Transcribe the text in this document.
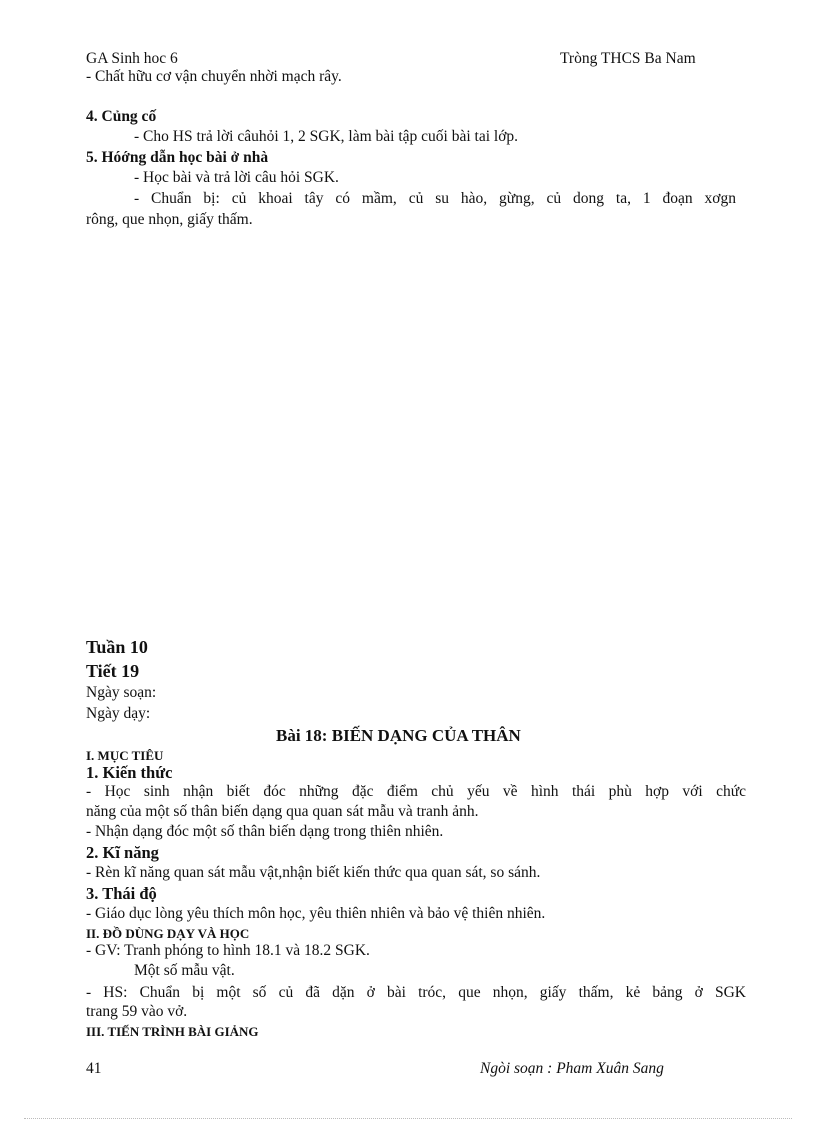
GA Sinh hoc 6	Tròng THCS Ba Nam
- Chất hữu cơ vận chuyển nhời mạch rây.
4. Củng cố
- Cho HS trả lời câuhỏi 1, 2 SGK, làm bài tập cuối bài tai lớp.
5. Hóớng dẫn học bài ở nhà
- Học bài và trả lời câu hỏi SGK.
- Chuẩn bị: củ khoai tây có mầm, củ su hào, gừng, củ dong ta, 1 đoạn xơgn
rông, que nhọn, giấy thấm.
Tuần 10
Tiết 19
Ngày soạn:
Ngày dạy:
Bài 18: BIẾN DẠNG CỦA THÂN
I. MỤC TIÊU
1. Kiến thức
- Học sinh nhận biết đóc những đặc điểm chủ yếu về hình thái phù hợp với chức
năng của một số thân biến dạng qua quan sát mẫu và tranh ảnh.
- Nhận dạng đóc một số thân biến dạng trong thiên nhiên.
2. Kĩ năng
- Rèn kĩ năng quan sát mẫu vật,nhận biết kiến thức qua quan sát, so sánh.
3. Thái độ
- Giáo dục lòng yêu thích môn học, yêu thiên nhiên và bảo vệ thiên nhiên.
II. ĐỒ DÙNG DẠY VÀ HỌC
- GV: Tranh phóng to hình 18.1 và 18.2 SGK.
Một số mẫu vật.
- HS: Chuẩn bị một số củ đã dặn ở bài tróc, que nhọn, giấy thấm, kẻ bảng ở SGK
trang 59 vào vở.
III. TIẾN TRÌNH BÀI GIẢNG
41	Ngòi soạn : Pham Xuân Sang
